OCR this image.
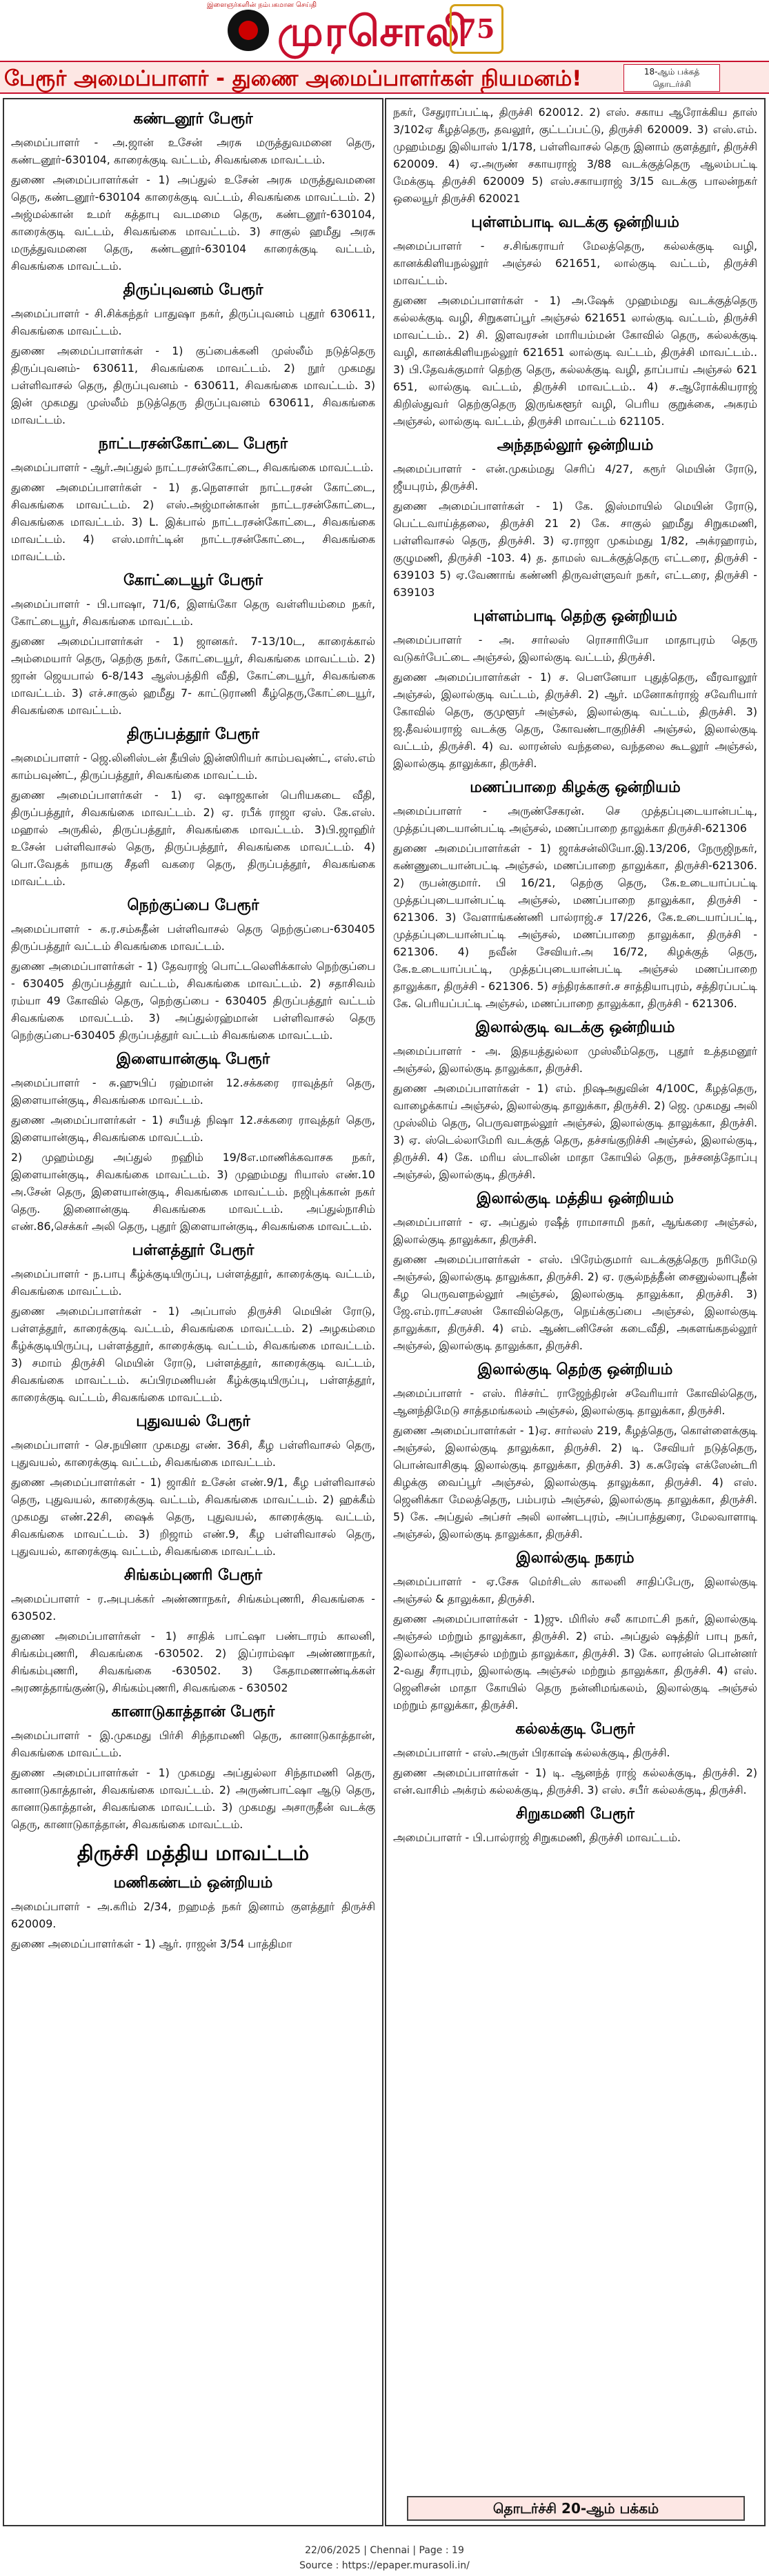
இளைஞர்களின் நம்பகமான செய்தி
முரசொலி
75
பேரூர் அமைப்பாளர் - துணை அமைப்பாளர்கள் நியமனம்!	18-ஆம் பக்கத்
தொடர்ச்சி
கண்டனூர் பேரூர்
அமைப்பாளர் - அ.ஜான் உசேன் அரசு மருத்துவமனை தெரு, கண்டனூர்-630104, காரைக்குடி வட்டம், சிவகங்கை மாவட்டம்.
துணை அமைப்பாளர்கள் - 1) அப்துல் உசேன் அரசு மருத்துவமனை தெரு, கண்டனூர்-630104 காரைக்குடி வட்டம், சிவகங்கை மாவட்டம். 2) அஜ்மல்கான் உமர் கத்தாபு வடமமை தெரு, கண்டனூர்-630104, காரைக்குடி வட்டம், சிவகங்கை மாவட்டம். 3) சாகுல் ஹமீது அரசு மருத்துவமனை தெரு, கண்டனூர்-630104 காரைக்குடி வட்டம், சிவகங்கை மாவட்டம்.
திருப்புவனம் பேரூர்
அமைப்பாளர் - சி.சிக்கந்தர் பாதுஷா நகர், திருப்புவனம் புதூர் 630611, சிவகங்கை மாவட்டம்.
துணை அமைப்பாளர்கள் - 1) குப்பைக்கனி முஸ்லீம் நடுத்தெரு திருப்புவனம்- 630611, சிவகங்கை மாவட்டம். 2) நூர் முகமது பள்ளிவாசல் தெரு, திருப்புவனம் - 630611, சிவகங்கை மாவட்டம். 3) இன் முகமது முஸ்லீம் நடுத்தெரு திருப்புவனம் 630611, சிவகங்கை மாவட்டம்.
நாட்டரசன்கோட்டை பேரூர்
அமைப்பாளர் - ஆர்.அப்துல் நாட்டரசன்கோட்டை, சிவகங்கை மாவட்டம்.
துணை அமைப்பாளர்கள் - 1) த.நௌசாள் நாட்டரசன் கோட்டை, சிவகங்கை மாவட்டம். 2) எஸ்.அஜ்மான்கான் நாட்டரசன்கோட்டை, சிவகங்கை மாவட்டம். 3) L. இக்பால் நாட்டரசன்கோட்டை, சிவகங்கை மாவட்டம். 4) எஸ்.மார்ட்டின் நாட்டரசன்கோட்டை, சிவகங்கை மாவட்டம்.
கோட்டையூர் பேரூர்
அமைப்பாளர் - பி.பாஷா, 71/6, இளங்கோ தெரு வள்ளியம்மை நகர், கோட்டையூர், சிவகங்கை மாவட்டம்.
துணை அமைப்பாளர்கள் - 1) ஜானகர். 7-13/10ட, காரைக்கால் அம்மையார் தெரு, தெற்கு நகர், கோட்டையூர், சிவகங்கை மாவட்டம். 2) ஜான் ஜெயபால் 6-8/143 ஆஸ்பத்திரி வீதி, கோட்டையூர், சிவகங்கை மாவட்டம். 3) எச்.சாகுல் ஹமீது 7- காட்டுராணி கீழ்தெரு,கோட்டையூர், சிவகங்கை மாவட்டம்.
திருப்பத்தூர் பேரூர்
அமைப்பாளர் - ஜெ.லினிஸ்டன் தீயிஸ் இன்ஸிரியர் காம்பவுண்ட், எஸ்.எம் காம்பவுண்ட், திருப்பத்தூர், சிவகங்கை மாவட்டம்.
துணை அமைப்பாளர்கள் - 1) ஏ. ஷாஜகான் பெரியகடை வீதி, திருப்பத்தூர், சிவகங்கை மாவட்டம். 2) ஏ. ரபீக் ராஜா ஏஸ். கே.எஸ். மஹால் அருகில், திருப்பத்தூர், சிவகங்கை மாவட்டம். 3)பி.ஜாஹிர் உசேன் பள்ளிவாசல் தெரு, திருப்பத்தூர், சிவகங்கை மாவட்டம். 4) பொ.வேதக் நாயகு சீதளி வகரை தெரு, திருப்பத்தூர், சிவகங்கை மாவட்டம்.
நெற்குப்பை பேரூர்
அமைப்பாளர் - க.ர.சம்சுதீன் பள்ளிவாசல் தெரு நெற்குப்பை-630405 திருப்பத்தூர் வட்டம் சிவகங்கை மாவட்டம்.
துணை அமைப்பாளர்கள் - 1) தேவராஜ் பொட்டலெளிக்காஸ் நெற்குப்பை - 630405 திருப்பத்தூர் வட்டம், சிவகங்கை மாவட்டம். 2) சதாசிவம் ரம்யா 49 கோவில் தெரு, நெற்குப்பை - 630405 திருப்பத்தூர் வட்டம் சிவகங்கை மாவட்டம். 3) அப்துல்ரஹ்மான் பள்ளிவாசல் தெரு நெற்குப்பை-630405 திருப்பத்தூர் வட்டம் சிவகங்கை மாவட்டம்.
இளையான்குடி பேரூர்
அமைப்பாளர் - சு.ஹுபிப் ரஹ்மான் 12.சக்கரை ராவுத்தர் தெரு, இளையான்குடி, சிவகங்கை மாவட்டம்.
துணை அமைப்பாளர்கள் - 1) சயீயத் நிஷா 12.சக்கரை ராவுத்தர் தெரு, இளையான்குடி, சிவகங்கை மாவட்டம்.
2) முஹம்மது அப்துல் றஹிம் 19/8எ.மாணிக்கவாசக நகர், இளையான்குடி, சிவகங்கை மாவட்டம். 3) முஹம்மது ரியாஸ் எண்.10 அ.சேன் தெரு, இளையான்குடி, சிவகங்கை மாவட்டம். நஜிபுக்கான் நகர் தெரு. இனைான்குடி சிவகங்கை மாவட்டம். அப்துல்நாசிம் எண்.86,செக்கர் அலி தெரு, புதூர் இளையான்குடி, சிவகங்கை மாவட்டம்.
பள்ளத்தூர் பேரூர்
அமைப்பாளர் - ந.பாபு கீழ்க்குடியிருப்பு, பள்ளத்தூர், காரைக்குடி வட்டம், சிவகங்கை மாவட்டம்.
துணை அமைப்பாளர்கள் - 1) அப்பாஸ் திருச்சி மெயின் ரோடு, பள்ளத்தூர், காரைக்குடி வட்டம், சிவகங்கை மாவட்டம். 2) அழகம்மை கீழ்க்குடியிருப்பு, பள்ளத்தூர், காரைக்குடி வட்டம், சிவகங்கை மாவட்டம். 3) சமாம் திருச்சி மெயின் ரோடு, பள்ளத்தூர், காரைக்குடி வட்டம், சிவகங்கை மாவட்டம். சுப்பிரமணியன் கீழ்க்குடியிருப்பு, பள்ளத்தூர், காரைக்குடி வட்டம், சிவகங்கை மாவட்டம்.
புதுவயல் பேரூர்
அமைப்பாளர் - செ.நயினா முகமது எண். 36சி, கீழ பள்ளிவாசல் தெரு, புதுவயல், காரைக்குடி வட்டம், சிவகங்கை மாவட்டம்.
துணை அமைப்பாளர்கள் - 1) ஜாகிர் உசேன் எண்.9/1, கீழ பள்ளிவாசல் தெரு, புதுவயல், காரைக்குடி வட்டம், சிவகங்கை மாவட்டம். 2) ஹக்கீம் முகமது எண்.22சி, ஷைக் தெரு, புதுவயல், காரைக்குடி வட்டம், சிவகங்கை மாவட்டம். 3) றிஜாம் எண்.9, கீழ பள்ளிவாசல் தெரு, புதுவயல், காரைக்குடி வட்டம், சிவகங்கை மாவட்டம்.
சிங்கம்புணரி பேரூர்
அமைப்பாளர் - ர.அபுபக்கர் அண்ணாநகர், சிங்கம்புணரி, சிவகங்கை - 630502.
துணை அமைப்பாளர்கள் - 1) சாதிக் பாட்ஷா பண்டாரம் காலனி, சிங்கம்புணரி, சிவகங்கை -630502. 2) இப்ராம்ஷா அண்ணாநகர், சிங்கம்புணரி, சிவகங்கை -630502. 3) கேதாமணாண்டிக்கள் அரணத்தாங்குண்டு, சிங்கம்புணரி, சிவகங்கை - 630502
கானாடுகாத்தான் பேரூர்
அமைப்பாளர் - இ.முகமது பிர்சி சிந்தாமணி தெரு, கானாடுகாத்தான், சிவகங்கை மாவட்டம்.
துணை அமைப்பாளர்கள் - 1) முகமது அப்துல்லா சிந்தாமணி தெரு, கானாடுகாத்தான், சிவகங்கை மாவட்டம். 2) அருண்பாட்ஷா ஆடு தெரு, கானாடுகாத்தான், சிவகங்கை மாவட்டம். 3) முகமது அசாருதீன் வடக்கு தெரு, கானாடுகாத்தான், சிவகங்கை மாவட்டம்.
திருச்சி மத்திய மாவட்டம்
மணிகண்டம் ஒன்றியம்
அமைப்பாளர் - அ.கரிம் 2/34, றஹமத் நகர் இனாம் குளத்தூர் திருச்சி 620009.
துணை அமைப்பாளர்கள் - 1) ஆர். ராஜன் 3/54 பாத்திமா
நகர், சேதுராப்பட்டி, திருச்சி 620012. 2) எஸ். சகாய ஆரோக்கிய தாஸ் 3/102ஏ கீழத்தெரு, தவலூர், குட்டப்பட்டு, திருச்சி 620009. 3) எஸ்.எம். முஹம்மது இலியாஸ் 1/178, பள்ளிவாசல் தெரு இனாம் குளத்தூர், திருச்சி 620009. 4) ஏ.அருண் சகாயராஜ் 3/88 வடக்குத்தெரு ஆலம்பட்டி மேக்குடி திருச்சி 620009 5) எஸ்.சகாயராஜ் 3/15 வடக்கு பாலன்நகர் ஒலையூர் திருச்சி 620021
புள்ளம்பாடி வடக்கு ஒன்றியம்
அமைப்பாளர் - ச.சிங்கராயர் மேலத்தெரு, கல்லக்குடி வழி, கானக்கிளியநல்லூர் அஞ்சல் 621651, லால்குடி வட்டம், திருச்சி மாவட்டம்.
துணை அமைப்பாளர்கள் - 1) அ.ஷேக் முஹம்மது வடக்குத்தெரு கல்லக்குடி வழி, சிறுகளப்பூர் அஞ்சல் 621651 லால்குடி வட்டம், திருச்சி மாவட்டம்.. 2) சி. இளவரசன் மாரியம்மன் கோவில் தெரு, கல்லக்குடி வழி, கானக்கிளியநல்லூர் 621651 லால்குடி வட்டம், திருச்சி மாவட்டம்.. 3) பி.தேவக்குமார் தெற்கு தெரு, கல்லக்குடி வழி, தாப்பாய் அஞ்சல் 621 651, லால்குடி வட்டம், திருச்சி மாவட்டம்.. 4) ச.ஆரோக்கியராஜ் கிறிஸ்துவர் தெற்குதெரு இருங்களூர் வழி, பெரிய குறுக்கை, அகரம் அஞ்சல், லால்குடி வட்டம், திருச்சி மாவட்டம் 621105.
அந்தநல்லூர் ஒன்றியம்
அமைப்பாளர் - என்.முகம்மது செரிப் 4/27, கரூர் மெயின் ரோடு, ஜீயபுரம், திருச்சி.
துணை அமைப்பாளர்கள் - 1) கே. இஸ்மாயில் மெயின் ரோடு, பெட்டவாய்த்தலை, திருச்சி 21 2) கே. சாகுல் ஹமீது சிறுகமணி, பள்ளிவாசல் தெரு, திருச்சி. 3) ஏ.ராஜா முகம்மது 1/82, அக்ரஹாரம், குழுமணி, திருச்சி -103. 4) த. தாமஸ் வடக்குத்தெரு எட்டரை, திருச்சி - 639103 5) ஏ.வேணாங் கண்ணி திருவள்ளுவர் நகர், எட்டரை, திருச்சி - 639103
புள்ளம்பாடி தெற்கு ஒன்றியம்
அமைப்பாளர் - அ. சார்லஸ் ரொசாரியோ மாதாபுரம் தெரு வடுகர்பேட்டை அஞ்சல், இலால்குடி வட்டம், திருச்சி.
துணை அமைப்பாளர்கள் - 1) ச. பௌனேயா புதுத்தெரு, வீரவாலூர் அஞ்சல், இலால்குடி வட்டம், திருச்சி. 2) ஆர். மனோகர்ராஜ் சவேரியார் கோவில் தெரு, குமுளூர் அஞ்சல், இலால்குடி வட்டம், திருச்சி. 3) ஜ.தீவல்யராஜ் வடக்கு தெரு, கோவண்டாகுறிச்சி அஞ்சல், இலால்குடி வட்டம், திருச்சி. 4) வ. லாரன்ஸ் வந்தலை, வந்தலை கூடலூர் அஞ்சல், இலால்குடி தாலுக்கா, திருச்சி.
மணப்பாறை கிழக்கு ஒன்றியம்
அமைப்பாளர் - அருண்சேகரன். செ முத்தப்புடையான்பட்டி, முத்தப்புடையான்பட்டி அஞ்சல், மணப்பாறை தாலுக்கா திருச்சி-621306
துணை அமைப்பாளர்கள் - 1) ஜாக்சன்லியோ.இ.13/206, நேருஜிநகர், கண்ணுடையான்பட்டி அஞ்சல், மணப்பாறை தாலுக்கா, திருச்சி-621306. 2) ருபன்குமார். பி 16/21, தெற்கு தெரு, கே.உடையாப்பட்டி முத்தப்புடையான்பட்டி அஞ்சல், மணப்பாறை தாலுக்கா, திருச்சி - 621306. 3) வேளாங்கண்ணி பால்ராஜ்.ச 17/226, கே.உடையாப்பட்டி, முத்தப்புடையான்பட்டி அஞ்சல், மணப்பாறை தாலுக்கா, திருச்சி - 621306. 4) நவீன் சேவியர்.அ 16/72, கிழக்குத் தெரு, கே.உடையாப்பட்டி, முத்தப்புடையான்பட்டி அஞ்சல் மணப்பாறை தாலுக்கா, திருச்சி - 621306. 5) சந்திரக்காசர்.ச சாத்தியாபுரம், சத்திரப்பட்டி கே. பெரியப்பட்டி அஞ்சல், மணப்பாறை தாலுக்கா, திருச்சி - 621306.
இலால்குடி வடக்கு ஒன்றியம்
அமைப்பாளர் - அ. இதயத்துல்லா முஸ்லீம்தெரு, புதூர் உத்தமனூர் அஞ்சல், இலால்குடி தாலுக்கா, திருச்சி.
துணை அமைப்பாளர்கள் - 1) எம். நிஷஅதுவின் 4/100C, கீழத்தெரு, வாழைக்காய் அஞ்சல், இலால்குடி தாலுக்கா, திருச்சி. 2) ஜெ. முகமது அலி முஸ்லிம் தெரு, பெருவளநல்லூர் அஞ்சல், இலால்குடி தாலுக்கா, திருச்சி. 3) ஏ. ஸ்டெல்லாமேரி வடக்குத் தெரு, தச்சங்குறிச்சி அஞ்சல், இலால்குடி, திருச்சி. 4) கே. மரிய ஸ்டாலின் மாதா கோயில் தெரு, நச்சனத்தோப்பு அஞ்சல், இலால்குடி, திருச்சி.
இலால்குடி மத்திய ஒன்றியம்
அமைப்பாளர் - ஏ. அப்துல் ரஷீத் ராமாசாமி நகர், ஆங்கரை அஞ்சல், இலால்குடி தாலுக்கா, திருச்சி.
துணை அமைப்பாளர்கள் - எஸ். பிரேம்குமார் வடக்குத்தெரு நரிமேடு அஞ்சல், இலால்குடி தாலுக்கா, திருச்சி. 2) ஏ. ரசூல்நத்தீன் சைனுல்லாபுதீன் கீழ பெருவளநல்லூர் அஞ்சல், இலால்குடி தாலுக்கா, திருச்சி. 3) ஜே.எம்.ராட்சஸன் கோவில்தெரு, நெய்க்குப்பை அஞ்சல், இலால்குடி தாலுக்கா, திருச்சி. 4) எம். ஆண்டனிசேன் கடைவீதி, அகளங்கநல்லூர் அஞ்சல், இலால்குடி தாலுக்கா, திருச்சி.
இலால்குடி தெற்கு ஒன்றியம்
அமைப்பாளர் - எஸ். ரிச்சர்ட் ராஜேந்திரன் சவேரியார் கோவில்தெரு, ஆனந்திமேடு சாத்தமங்கலம் அஞ்சல், இலால்குடி தாலுக்கா, திருச்சி.
துணை அமைப்பாளர்கள் - 1)ஏ. சார்லஸ் 219, கீழத்தெரு, கொள்ளைக்குடி அஞ்சல், இலால்குடி தாலுக்கா, திருச்சி. 2) டி. சேவியர் நடுத்தெரு, பொன்வாசிகுடி இலால்குடி தாலுக்கா, திருச்சி. 3) க.சுரேஷ் எக்ஸேன்டரி கிழக்கு வைப்பூர் அஞ்சல், இலால்குடி தாலுக்கா, திருச்சி. 4) எஸ். ஜெனிக்கா மேலத்தெரு, பம்பரம் அஞ்சல், இலால்குடி தாலுக்கா, திருச்சி. 5) கே. அப்துல் அப்சர் அலி லாண்டபுரம், அப்பாத்துரை, மேலவாளாடி அஞ்சல், இலால்குடி தாலுக்கா, திருச்சி.
இலால்குடி நகரம்
அமைப்பாளர் - ஏ.சேசு மெர்சிடஸ் காலனி சாதிப்பேரு, இலால்குடி அஞ்சல் & தாலுக்கா, திருச்சி.
துணை அமைப்பாளர்கள் - 1)ஜு. மிரிஸ் சலீ காமாட்சி நகர், இலால்குடி அஞ்சல் மற்றும் தாலுக்கா, திருச்சி. 2) எம். அப்துல் ஷத்திர் பாபு நகர், இலால்குடி அஞ்சல் மற்றும் தாலுக்கா, திருச்சி. 3) கே. லாரன்ஸ் பொன்னர் 2-வது சீராபுரம், இலால்குடி அஞ்சல் மற்றும் தாலுக்கா, திருச்சி. 4) எஸ். ஜெனிசன் மாதா கோயில் தெரு நன்னிமங்கலம், இலால்குடி அஞ்சல் மற்றும் தாலுக்கா, திருச்சி.
கல்லக்குடி பேரூர்
அமைப்பாளர் - எஸ்.அருள் பிரகாஷ் கல்லக்குடி, திருச்சி.
துணை அமைப்பாளர்கள் - 1) டி. ஆனந்த் ராஜ் கல்லக்குடி, திருச்சி. 2) என்.வாசிம் அக்ரம் கல்லக்குடி, திருச்சி. 3) எஸ். சபீர் கல்லக்குடி, திருச்சி.
சிறுகமணி பேரூர்
அமைப்பாளர் - பி.பால்ராஜ் சிறுகமணி, திருச்சி மாவட்டம்.
தொடர்ச்சி 20-ஆம் பக்கம்
22/06/2025 | Chennai | Page : 19
Source : https://epaper.murasoli.in/
